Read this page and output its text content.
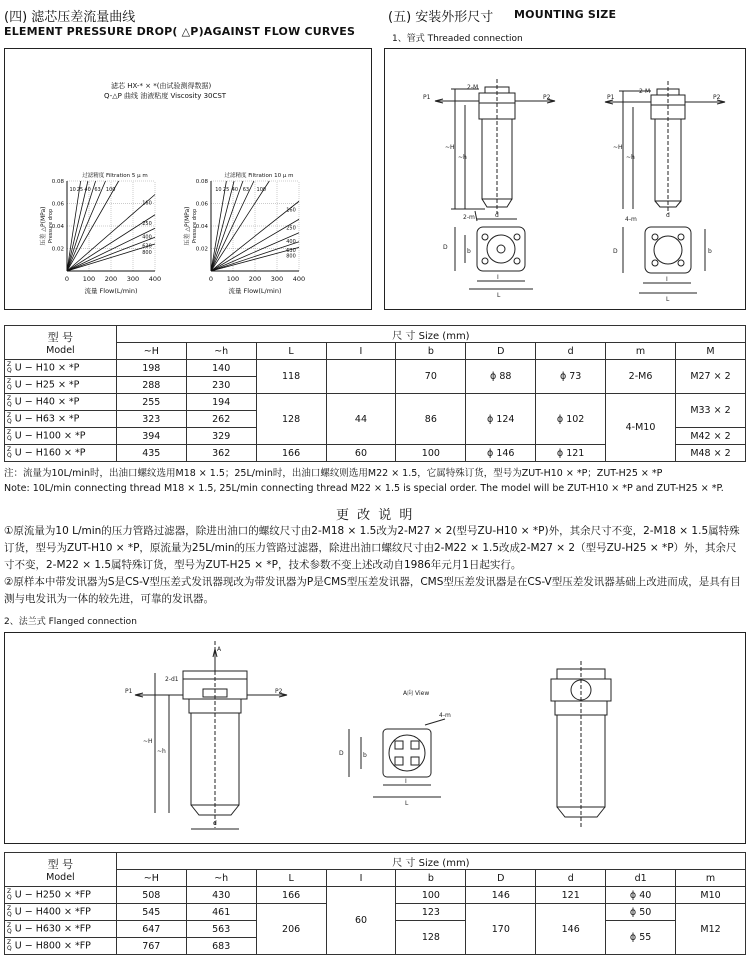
(四) 滤芯压差流量曲线
ELEMENT PRESSURE DROP( △P)AGAINST FLOW CURVES
(五) 安装外形尺寸 MOUNTING SIZE
1、管式 Threaded connection
滤芯 HX-* × *(由试验测得数据)
Q-△P 曲线 油液粘度 Viscosity 30CST
0 100 200 300 400
0.02
0.04
0.06
0.08
过滤精度 Filtration 5 μ m
10 25 40 63 100
160
250
400
630
800
流量 Flow(L/min)
压差 △P(MPa) Pressure drop
0 100 200 300 400
0.02
0.04
0.06
0.08
过滤精度 Filtration 10 μ m
10 25 40 63 100
160
250
400
630
800
流量 Flow(L/min)
压差 △P(MPa) Pressure drop
P1	P2
2-M
~H
~h
d
2-m	4-m
D
b
I
L
P1	P2
2-M
~H
~h
d
D	b
I
L
型 号
Model	尺 寸 Size (mm)								
	~H	~h	L	I	b	D	d	m	M
Z
Q U − H10 × *P	198	140	118		70	ϕ 88	ϕ 73	2-M6	M27 × 2
Z
Q U − H25 × *P	288	230							
Z
Q U − H40 × *P	255	194	128	44	86	ϕ 124	ϕ 102	4-M10	M33 × 2
Z
Q U − H63 × *P	323	262							
Z
Q U − H100 × *P	394	329							M42 × 2
Z
Q U − H160 × *P	435	362	166	60	100	ϕ 146	ϕ 121		M48 × 2
注：流量为10L/min时，出油口螺纹选用M18 × 1.5；25L/min时，出油口螺纹则选用M22 × 1.5，它属特殊订货，型号为ZUT-H10 × *P；ZUT-H25 × *P
Note: 10L/min connecting thread M18 × 1.5, 25L/min connecting thread M22 × 1.5 is special order. The model will be ZUT-H10 × *P and ZUT-H25 × *P.
更 改 说 明
①原流量为10 L/min的压力管路过滤器，除进出油口的螺纹尺寸由2-M18 × 1.5改为2-M27 × 2(型号ZU-H10 × *P)外，其余尺寸不变，2-M18 × 1.5属特殊订货，型号为ZUT-H10 × *P，原流量为25L/min的压力管路过滤器，除进出油口螺纹尺寸由2-M22 × 1.5改成2-M27 × 2（型号ZU-H25 × *P）外，其余尺寸不变，2-M22 × 1.5属特殊订货，型号为ZUT-H25 × *P，技术参数不变上述改动自1986年元月1日起实行。
②原样本中带发讯器为S是CS-V型压差式发讯器现改为带发讯器为P是CMS型压差发讯器，CMS型压差发讯器是在CS-V型压差发讯器基础上改进而成，是具有目测与电发讯为一体的较先进，可靠的发讯器。
2、法兰式 Flanged connection
A
P1	P2
2-d1
~H
~h
d
A向 View
4-m
D	b
I
L
型 号
Model	尺 寸 Size (mm)								
	~H	~h	L	I	b	D	d	d1	m
Z
Q U − H250 × *FP	508	430	166	60	100	146	121	ϕ 40	M10
Z
Q U − H400 × *FP	545	461	206		123	170	146	ϕ 50	M12
Z
Q U − H630 × *FP	647	563			128			ϕ 55	
Z
Q U − H800 × *FP	767	683							
